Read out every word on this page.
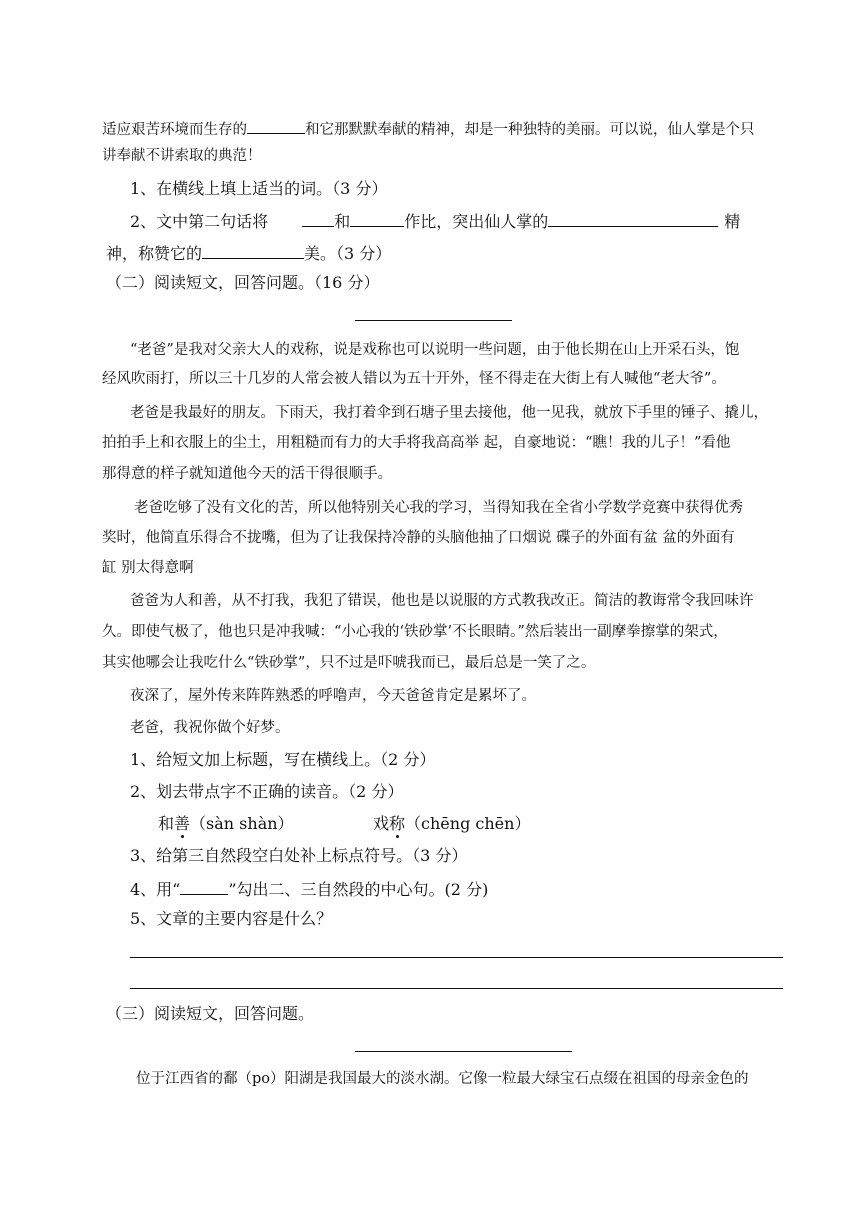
适应艰苦环境而生存的	和它那默默奉献的精神，却是一种独特的美丽。可以说，仙人掌是个只
讲奉献不讲索取的典范！
1、在横线上填上适当的词。（3 分）
2、文中第二句话将	和	作比，突出仙人掌的	精
神，称赞它的	美。（3 分）
（二）阅读短文，回答问题。（16 分）
“老爸”是我对父亲大人的戏称，说是戏称也可以说明一些问题，由于他长期在山上开采石头，饱
经风吹雨打，所以三十几岁的人常会被人错以为五十开外，怪不得走在大街上有人喊他“老大爷”。
老爸是我最好的朋友。下雨天，我打着伞到石塘子里去接他，他一见我，就放下手里的锤子、撬儿，
拍拍手上和衣服上的尘土，用粗糙而有力的大手将我高高举 起，自豪地说：“瞧！我的儿子！”看他
那得意的样子就知道他今天的活干得很顺手。
老爸吃够了没有文化的苦，所以他特别关心我的学习，当得知我在全省小学数学竞赛中获得优秀
奖时，他简直乐得合不拢嘴，但为了让我保持冷静的头脑他抽了口烟说 碟子的外面有盆 盆的外面有
缸 别太得意啊
爸爸为人和善，从不打我，我犯了错误，他也是以说服的方式教我改正。简洁的教诲常令我回味许
久。即使气极了，他也只是冲我喊：“小心我的‘铁砂掌’不长眼睛。”然后装出一副摩拳擦掌的架式，
其实他哪会让我吃什么“铁砂掌”，只不过是吓唬我而已，最后总是一笑了之。
夜深了，屋外传来阵阵熟悉的呼噜声，今天爸爸肯定是累坏了。
老爸，我祝你做个好梦。
1、给短文加上标题，写在横线上。（2 分）
2、划去带点字不正确的读音。（2 分）
和善（sàn shàn）	戏称（chēng chēn）
3、给第三自然段空白处补上标点符号。（3 分）
4、用“	”勾出二、三自然段的中心句。(2 分)
5、文章的主要内容是什么？
（三）阅读短文，回答问题。
位于江西省的鄱（po）阳湖是我国最大的淡水湖。它像一粒最大绿宝石点缀在祖国的母亲金色的
